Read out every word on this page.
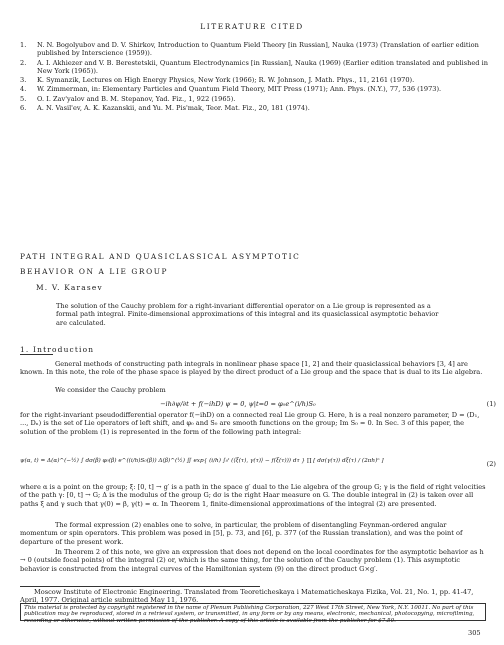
LITERATURE CITED
1.	N. N. Bogolyubov and D. V. Shirkov, Introduction to Quantum Field Theory [in Russian], Nauka (1973) (Translation of earlier edition published by Interscience (1959)).
2.	A. I. Akhiezer and V. B. Berestetskii, Quantum Electrodynamics [in Russian], Nauka (1969) (Earlier edition translated and published in New York (1965)).
3.	K. Symanzik, Lectures on High Energy Physics, New York (1966); R. W. Johnson, J. Math. Phys., 11, 2161 (1970).
4.	W. Zimmerman, in: Elementary Particles and Quantum Field Theory, MIT Press (1971); Ann. Phys. (N.Y.), 77, 536 (1973).
5.	O. I. Zav'yalov and B. M. Stepanov, Yad. Fiz., 1, 922 (1965).
6.	A. N. Vasil'ev, A. K. Kazanskii, and Yu. M. Pis'mak, Teor. Mat. Fiz., 20, 181 (1974).
PATH INTEGRAL AND QUASICLASSICAL ASYMPTOTIC
BEHAVIOR ON A LIE GROUP
M. V. Karasev
The solution of the Cauchy problem for a right-invariant differential operator on a Lie group is represented as a formal path integral. Finite-dimensional approximations of this integral and its quasiclassical asymptotic behavior are calculated.
1. Introduction
General methods of constructing path integrals in nonlinear phase space [1, 2] and their quasiclassical behaviors [3, 4] are known. In this note, the role of the phase space is played by the direct product of a Lie group and the space that is dual to its Lie algebra.
We consider the Cauchy problem
−ih∂ψ/∂t + f(−ihD) ψ = 0, ψ|t=0 = φ₀e^(i/h)S₀	(1)
for the right-invariant pseudodifferential operator f(−ihD) on a connected real Lie group G. Here, h is a real nonzero parameter, D = (D₁, ..., Dₙ) is the set of Lie operators of left shift, and φ₀ and S₀ are smooth functions on the group; Im S₀ = 0. In Sec. 3 of this paper, the solution of the problem (1) is represented in the form of the following path integral:
ψ(α, t) = Δ(α)^(−½) ∫ dσ(β) φ₀(β) e^((i/h)S₀(β)) Δ(β)^(½) ∬ exp{ (i/h) ∫₀ᵗ (⟨ξ̇(τ), γ(τ)⟩ − f(ξ(τ))) dτ } ∏ [ dσ(γ(τ)) dξ(τ) / (2πh)ⁿ ]	(2)
where α is a point on the group; ξ: [0, t] → g′ is a path in the space g′ dual to the Lie algebra of the group G; γ is the field of right velocities of the path γ: [0, t] → G; Δ is the modulus of the group G; dσ is the right Haar measure on G. The double integral in (2) is taken over all paths ξ and γ such that γ(0) = β, γ(t) = α. In Theorem 1, finite-dimensional approximations of the integral (2) are presented.
The formal expression (2) enables one to solve, in particular, the problem of disentangling Feynman-ordered angular momentum or spin operators. This problem was posed in [5], p. 73, and [6], p. 377 (of the Russian translation), and was the point of departure of the present work.
In Theorem 2 of this note, we give an expression that does not depend on the local coordinates for the asymptotic behavior as h → 0 (outside focal points) of the integral (2) or, which is the same thing, for the solution of the Cauchy problem (1). This asymptotic behavior is constructed from the integral curves of the Hamiltonian system (9) on the direct product G×g′.
Moscow Institute of Electronic Engineering. Translated from Teoreticheskaya i Matematicheskaya Fizika, Vol. 21, No. 1, pp. 41-47, April, 1977. Original article submitted May 11, 1976.
This material is protected by copyright registered in the name of Plenum Publishing Corporation, 227 West 17th Street, New York, N.Y. 10011. No part of this publication may be reproduced, stored in a retrieval system, or transmitted, in any form or by any means, electronic, mechanical, photocopying, microfilming, recording or otherwise, without written permission of the publisher. A copy of this article is available from the publisher for $7.50.
305
